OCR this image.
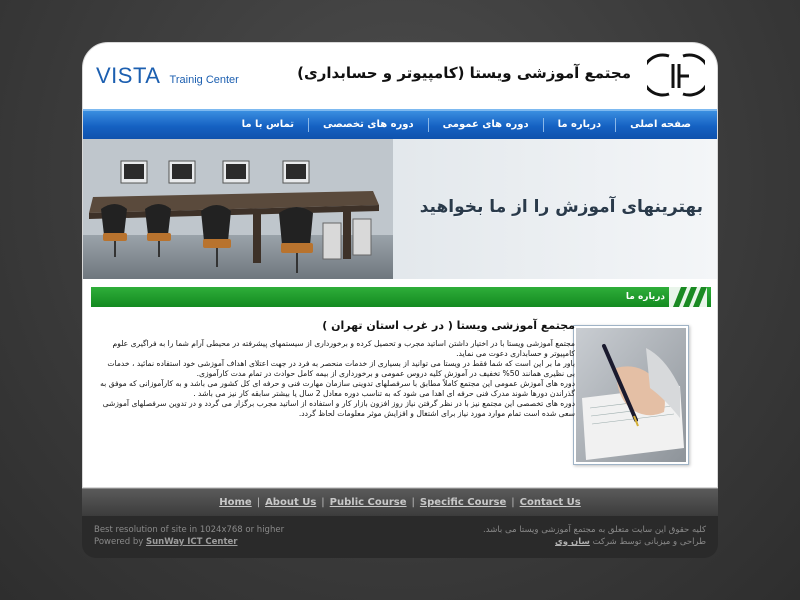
VISTA Trainig Center	مجتمع آموزشی ویستا (کامپیوتر و حسابداری)
صفحه اصلی
درباره ما
دوره های عمومی
دوره های تخصصی
تماس با ما
بهترینهای آموزش را از ما بخواهید
درباره ما
مجتمع آموزشی ویستا ( در غرب استان تهران )

مجتمع آموزشی ویستا با در اختیار داشتن اساتید مجرب و تحصیل کرده و برخورداری از سیستمهای پیشرفته در محیطی آرام شما را به فراگیری علوم کامپیوتر و حسابداری دعوت می نماید.

باور ما بر این است که شما فقط در ویستا می توانید از بسیاری از خدمات منحصر به فرد در جهت اعتلای اهداف آموزشی خود استفاده نمائید ، خدمات بی نظیری همانند 50% تخفیف در آموزش کلیه دروس عمومی و برخورداری از بیمه کامل حوادث در تمام مدت کارآموزی.

دوره های آموزش عمومی این مجتمع کاملاً مطابق با سرفصلهای تدوینی سازمان مهارت فنی و حرفه ای کل کشور می باشد و به کارآموزانی که موفق به گذراندن دورها شوند مدرک فنی حرفه ای اهدا می شود که به تناسب دوره معادل 2 سال یا بیشتر سابقه کار نیز می باشد .

دوره های تخصصی این مجتمع نیز با در نظر گرفتن نیاز روز افزون بازار کار و استفاده از اساتید مجرب برگزار می گردد و در تدوین سرفصلهای آموزشی سعی شده است تمام موارد مورد نیاز برای اشتغال و افزایش موثر معلومات لحاظ گردد.

Home | About Us | Public Course | Specific Course | Contact Us
Best resolution of site in 1024x768 or higher
Powered by SunWay ICT Center
کلیه حقوق این سایت متعلق به مجتمع آموزشی ویستا می باشد.
طراحی و میزبانی توسط شرکت سان وی
